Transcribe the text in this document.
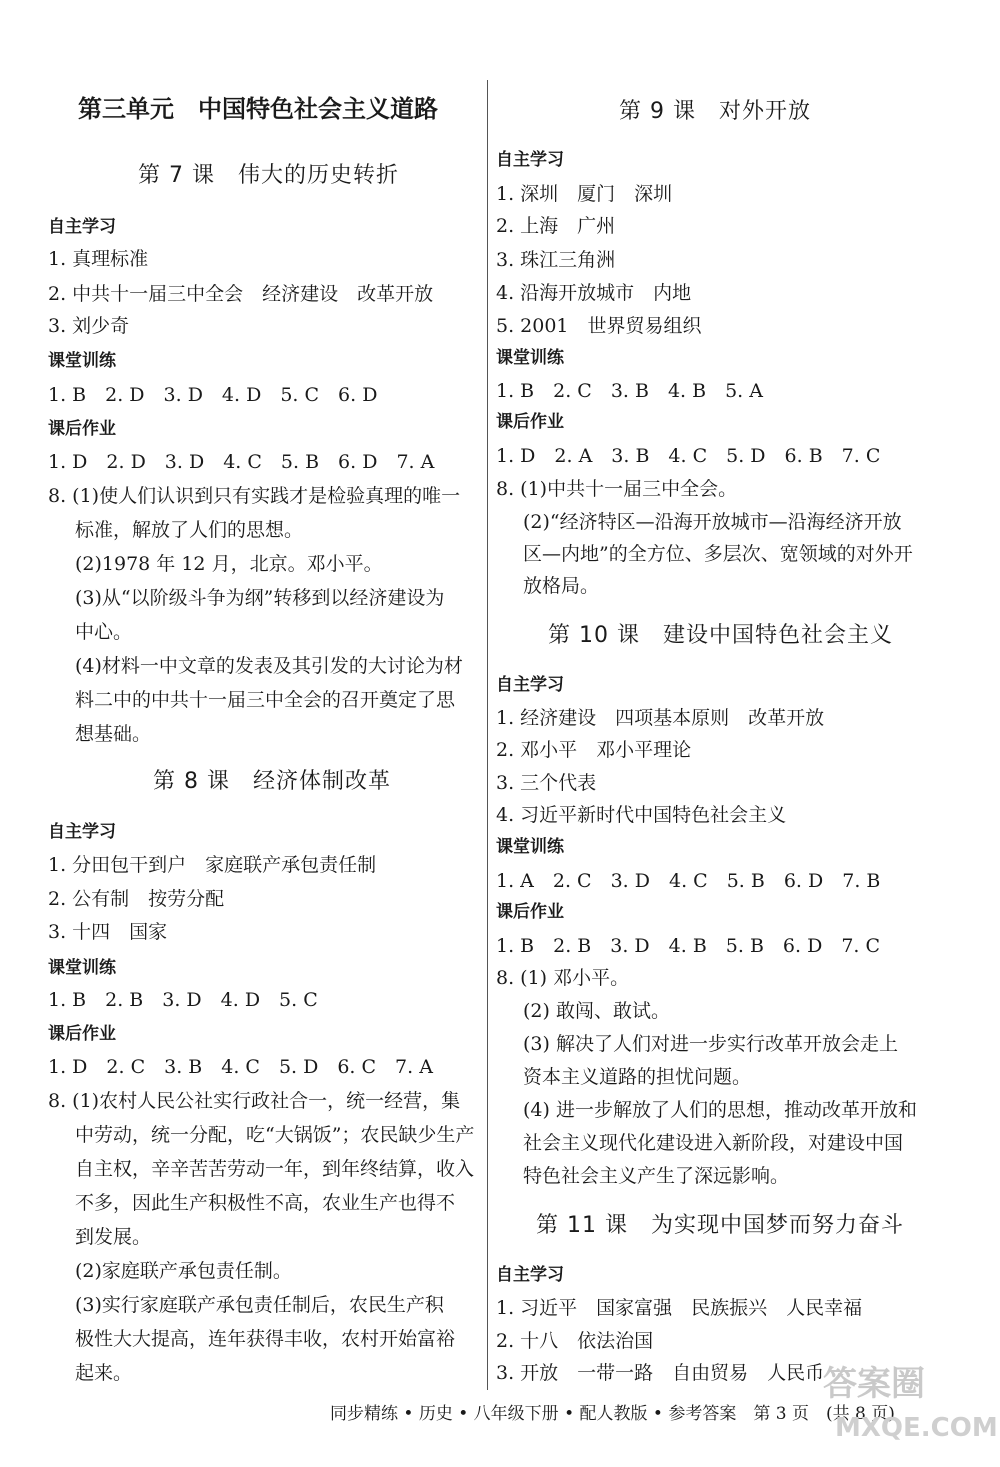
第三单元　中国特色社会主义道路
第 7 课　伟大的历史转折
自主学习
1. 真理标准
2. 中共十一届三中全会　经济建设　改革开放
3. 刘少奇
课堂训练
1. B　2. D　3. D　4. D　5. C　6. D
课后作业
1. D　2. D　3. D　4. C　5. B　6. D　7. A
8. (1)使人们认识到只有实践才是检验真理的唯一
标准，解放了人们的思想。
(2)1978 年 12 月，北京。邓小平。
(3)从“以阶级斗争为纲”转移到以经济建设为
中心。
(4)材料一中文章的发表及其引发的大讨论为材
料二中的中共十一届三中全会的召开奠定了思
想基础。
第 8 课　经济体制改革
自主学习
1. 分田包干到户　家庭联产承包责任制
2. 公有制　按劳分配
3. 十四　国家
课堂训练
1. B　2. B　3. D　4. D　5. C
课后作业
1. D　2. C　3. B　4. C　5. D　6. C　7. A
8. (1)农村人民公社实行政社合一，统一经营，集
中劳动，统一分配，吃“大锅饭”；农民缺少生产
自主权，辛辛苦苦劳动一年，到年终结算，收入
不多，因此生产积极性不高，农业生产也得不
到发展。
(2)家庭联产承包责任制。
(3)实行家庭联产承包责任制后，农民生产积
极性大大提高，连年获得丰收，农村开始富裕
起来。
第 9 课　对外开放
自主学习
1. 深圳　厦门　深圳
2. 上海　广州
3. 珠江三角洲
4. 沿海开放城市　内地
5. 2001　世界贸易组织
课堂训练
1. B　2. C　3. B　4. B　5. A
课后作业
1. D　2. A　3. B　4. C　5. D　6. B　7. C
8. (1)中共十一届三中全会。
(2)“经济特区—沿海开放城市—沿海经济开放
区—内地”的全方位、多层次、宽领域的对外开
放格局。
第 10 课　建设中国特色社会主义
自主学习
1. 经济建设　四项基本原则　改革开放
2. 邓小平　邓小平理论
3. 三个代表
4. 习近平新时代中国特色社会主义
课堂训练
1. A　2. C　3. D　4. C　5. B　6. D　7. B
课后作业
1. B　2. B　3. D　4. B　5. B　6. D　7. C
8. (1) 邓小平。
(2) 敢闯、敢试。
(3) 解决了人们对进一步实行改革开放会走上
资本主义道路的担忧问题。
(4) 进一步解放了人们的思想，推动改革开放和
社会主义现代化建设进入新阶段，对建设中国
特色社会主义产生了深远影响。
第 11 课　为实现中国梦而努力奋斗
自主学习
1. 习近平　国家富强　民族振兴　人民幸福
2. 十八　依法治国
3. 开放　一带一路　自由贸易　人民币
同步精练 • 历史 • 八年级下册 • 配人教版 • 参考答案　第 3 页　(共 8 页)
答案圈
MXQE.COM
